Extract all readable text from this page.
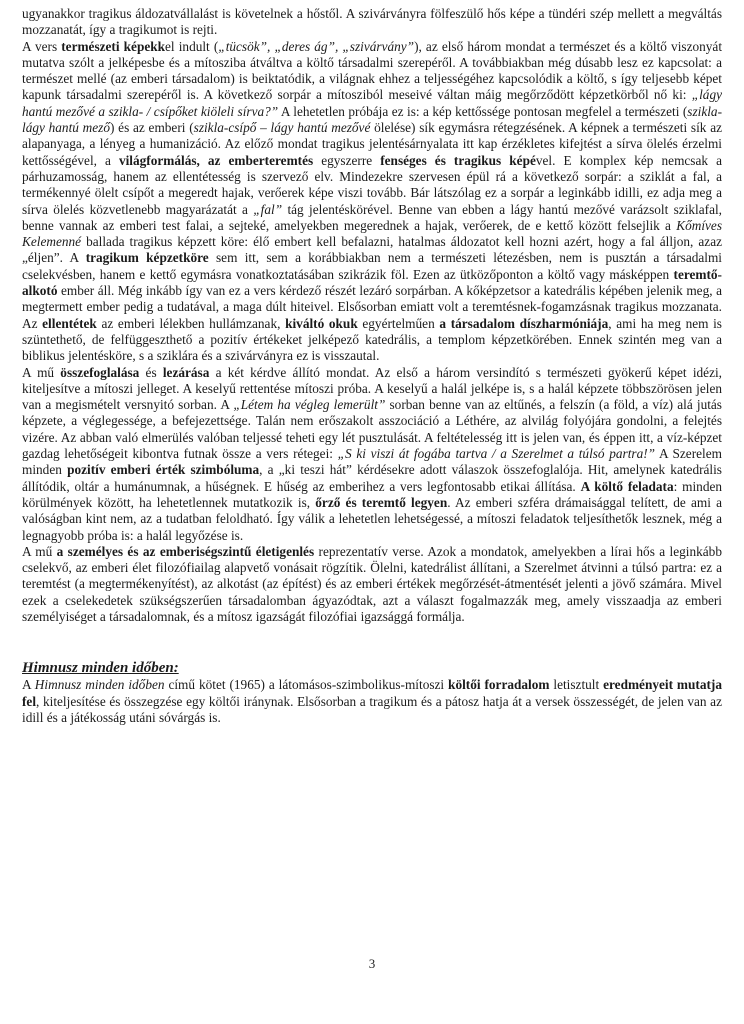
ugyanakkor tragikus áldozatvállalást is követelnek a hőstől. A szivárványra fölfeszülő hős képe a tündéri szép mellett a megváltás mozzanatát, így a tragikumot is rejti.

A vers természeti képekkel indult („tücsök”, „deres ág”, „szivárvány”), az első három mondat a természet és a költő viszonyát mutatva szólt a jelképesbe és a mítosziba átváltva a költő társadalmi szerepéről. A továbbiakban még dúsabb lesz ez kapcsolat: a természet mellé (az emberi társadalom) is beiktatódik, a világnak ehhez a teljességéhez kapcsolódik a költő, s így teljesebb képet kapunk társadalmi szerepéről is. A következő sorpár a mítosziból meseivé váltan máig megőrződött képzetkörből nő ki: „lágy hantú mezővé a szikla- / csípőket kiöleli sírva?” A lehetetlen próbája ez is: a kép kettőssége pontosan megfelel a természeti (szikla-lágy hantú mező) és az emberi (szikla-csípő – lágy hantú mezővé ölelése) sík egymásra rétegzésének. A képnek a természeti sík az alapanyaga, a lényeg a humanizáció. Az előző mondat tragikus jelentésárnyalata itt kap érzékletes kifejtést a sírva ölelés érzelmi kettősségével, a világformálás, az emberteremtés egyszerre fenséges és tragikus képével. E komplex kép nemcsak a párhuzamosság, hanem az ellentétesség is szervező elv. Mindezekre szervesen épül rá a következő sorpár: a sziklát a fal, a termékennyé ölelt csípőt a megeredt hajak, verőerek képe viszi tovább. Bár látszólag ez a sorpár a leginkább idilli, ez adja meg a sírva ölelés közvetlenebb magyarázatát a „fal” tág jelentéskörével. Benne van ebben a lágy hantú mezővé varázsolt sziklafal, benne vannak az emberi test falai, a sejteké, amelyekben megerednek a hajak, verőerek, de e kettő között felsejlik a Kőmíves Kelemenné ballada tragikus képzett köre: élő embert kell befalazni, hatalmas áldozatot kell hozni azért, hogy a fal álljon, azaz „éljen”. A tragikum képzetköre sem itt, sem a korábbiakban nem a természeti létezésben, nem is pusztán a társadalmi cselekvésben, hanem e kettő egymásra vonatkoztatásában szikrázik föl. Ezen az ütközőponton a költő vagy másképpen teremtő-alkotó ember áll. Még inkább így van ez a vers kérdező részét lezáró sorpárban. A kőképzetsor a katedrális képében jelenik meg, a megtermett ember pedig a tudatával, a maga dúlt hiteivel. Elsősorban emiatt volt a teremtésnek-fogamzásnak tragikus mozzanata. Az ellentétek az emberi lélekben hullámzanak, kiváltó okuk egyértelműen a társadalom díszharmóniája, ami ha meg nem is szüntethető, de felfüggeszthető a pozitív értékeket jelképező katedrális, a templom képzetkörében. Ennek szintén meg van a biblikus jelentésköre, s a sziklára és a szivárványra ez is visszautal.

A mű összefoglalása és lezárása a két kérdve állító mondat. Az első a három versindító s természeti gyökerű képet idézi, kiteljesítve a mítoszi jelleget. A keselyű rettentése mítoszi próba. A keselyű a halál jelképe is, s a halál képzete többszörösen jelen van a megismételt versnyitó sorban. A „Létem ha végleg lemerült” sorban benne van az eltűnés, a felszín (a föld, a víz) alá jutás képzete, a véglegessége, a befejezettsége. Talán nem erőszakolt asszociáció a Léthére, az alvilág folyójára gondolni, a felejtés vizére. Az abban való elmerülés valóban teljessé teheti egy lét pusztulását. A feltételesség itt is jelen van, és éppen itt, a víz-képzet gazdag lehetőségeit kibontva futnak össze a vers rétegei: „S ki viszi át fogába tartva / a Szerelmet a túlsó partra!” A Szerelem minden pozitív emberi érték szimbóluma, a „ki teszi hát” kérdésekre adott válaszok összefoglalója. Hit, amelynek katedrális állítódik, oltár a humánumnak, a hűségnek. E hűség az emberihez a vers legfontosabb etikai állítása. A költő feladata: minden körülmények között, ha lehetetlennek mutatkozik is, őrző és teremtő legyen. Az emberi szféra drámaisággal telített, de ami a valóságban kint nem, az a tudatban feloldható. Így válik a lehetetlen lehetségessé, a mítoszi feladatok teljesíthetők lesznek, még a legnagyobb próba is: a halál legyőzése is.

A mű a személyes és az emberiségszintű életigenlés reprezentatív verse. Azok a mondatok, amelyekben a lírai hős a leginkább cselekvő, az emberi élet filozófiailag alapvető vonásait rögzítik. Ölelni, katedrálist állítani, a Szerelmet átvinni a túlsó partra: ez a teremtést (a megtermékenyítést), az alkotást (az építést) és az emberi értékek megőrzését-átmentését jelenti a jövő számára. Mivel ezek a cselekedetek szükségszerűen társadalomban ágyazódtak, azt a választ fogalmazzák meg, amely visszaadja az emberi személyiséget a társadalomnak, és a mítosz igazságát filozófiai igazsággá formálja.

Himnusz minden időben:

A Himnusz minden időben című kötet (1965) a látomásos-szimbolikus-mítoszi költői forradalom letisztult eredményeit mutatja fel, kiteljesítése és összegzése egy költői iránynak. Elsősorban a tragikum és a pátosz hatja át a versek összességét, de jelen van az idill és a játékosság utáni sóvárgás is.

3
